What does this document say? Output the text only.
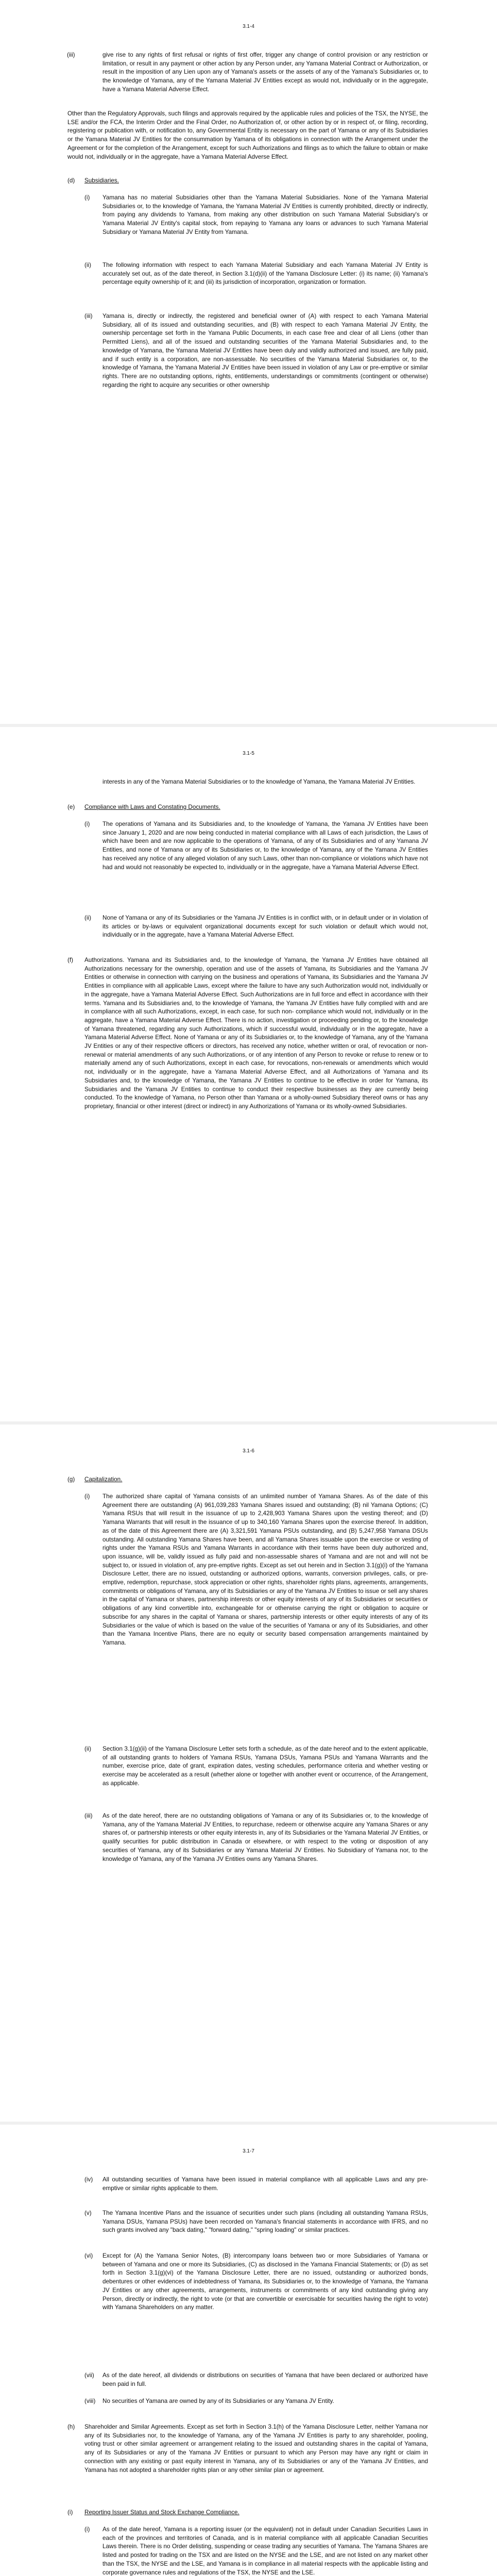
3.1-4
(iii)	give rise to any rights of first refusal or rights of first offer, trigger any change of control provision or any restriction or limitation, or result in any payment or other action by any Person under, any Yamana Material Contract or Authorization, or result in the imposition of any Lien upon any of Yamana's assets or the assets of any of the Yamana's Subsidiaries or, to the knowledge of Yamana, any of the Yamana Material JV Entities except as would not, individually or in the aggregate, have a Yamana Material Adverse Effect.

Other than the Regulatory Approvals, such filings and approvals required by the applicable rules and policies of the TSX, the NYSE, the LSE and/or the FCA, the Interim Order and the Final Order, no Authorization of, or other action by or in respect of, or filing, recording, registering or publication with, or notification to, any Governmental Entity is necessary on the part of Yamana or any of its Subsidiaries or the Yamana Material JV Entities for the consummation by Yamana of its obligations in connection with the Arrangement under the Agreement or for the completion of the Arrangement, except for such Authorizations and filings as to which the failure to obtain or make would not, individually or in the aggregate, have a Yamana Material Adverse Effect.

(d) Subsidiaries.
(i) Yamana has no material Subsidiaries other than the Yamana Material Subsidiaries. None of the Yamana Material Subsidiaries or, to the knowledge of Yamana, the Yamana Material JV Entities is currently prohibited, directly or indirectly, from paying any dividends to Yamana, from making any other distribution on such Yamana Material Subsidiary's or Yamana Material JV Entity's capital stock, from repaying to Yamana any loans or advances to such Yamana Material Subsidiary or Yamana Material JV Entity from Yamana.

(ii) The following information with respect to each Yamana Material Subsidiary and each Yamana Material JV Entity is accurately set out, as of the date thereof, in Section 3.1(d)(ii) of the Yamana Disclosure Letter: (i) its name; (ii) Yamana's percentage equity ownership of it; and (iii) its jurisdiction of incorporation, organization or formation.

(iii) Yamana is, directly or indirectly, the registered and beneficial owner of (A) with respect to each Yamana Material Subsidiary, all of its issued and outstanding securities, and (B) with respect to each Yamana Material JV Entity, the ownership percentage set forth in the Yamana Public Documents, in each case free and clear of all Liens (other than Permitted Liens), and all of the issued and outstanding securities of the Yamana Material Subsidiaries and, to the knowledge of Yamana, the Yamana Material JV Entities have been duly and validly authorized and issued, are fully paid, and if such entity is a corporation, are non-assessable. No securities of the Yamana Material Subsidiaries or, to the knowledge of Yamana, the Yamana Material JV Entities have been issued in violation of any Law or pre-emptive or similar rights. There are no outstanding options, rights, entitlements, understandings or commitments (contingent or otherwise) regarding the right to acquire any securities or other ownership

3.1-5

interests in any of the Yamana Material Subsidiaries or to the knowledge of Yamana, the Yamana Material JV Entities.

(e) Compliance with Laws and Constating Documents.
(i) The operations of Yamana and its Subsidiaries and, to the knowledge of Yamana, the Yamana JV Entities have been since January 1, 2020 and are now being conducted in material compliance with all Laws of each jurisdiction, the Laws of which have been and are now applicable to the operations of Yamana, of any of its Subsidiaries and of any Yamana JV Entities, and none of Yamana or any of its Subsidiaries or, to the knowledge of Yamana, any of the Yamana JV Entities has received any notice of any alleged violation of any such Laws, other than non-compliance or violations which have not had and would not reasonably be expected to, individually or in the aggregate, have a Yamana Material Adverse Effect.

(ii) None of Yamana or any of its Subsidiaries or the Yamana JV Entities is in conflict with, or in default under or in violation of its articles or by-laws or equivalent organizational documents except for such violation or default which would not, individually or in the aggregate, have a Yamana Material Adverse Effect.

(f) Authorizations. Yamana and its Subsidiaries and, to the knowledge of Yamana, the Yamana JV Entities have obtained all Authorizations necessary for the ownership, operation and use of the assets of Yamana, its Subsidiaries and the Yamana JV Entities or otherwise in connection with carrying on the business and operations of Yamana, its Subsidiaries and the Yamana JV Entities in compliance with all applicable Laws, except where the failure to have any such Authorization would not, individually or in the aggregate, have a Yamana Material Adverse Effect. Such Authorizations are in full force and effect in accordance with their terms. Yamana and its Subsidiaries and, to the knowledge of Yamana, the Yamana JV Entities have fully complied with and are in compliance with all such Authorizations, except, in each case, for such non- compliance which would not, individually or in the aggregate, have a Yamana Material Adverse Effect. There is no action, investigation or proceeding pending or, to the knowledge of Yamana threatened, regarding any such Authorizations, which if successful would, individually or in the aggregate, have a Yamana Material Adverse Effect. None of Yamana or any of its Subsidiaries or, to the knowledge of Yamana, any of the Yamana JV Entities or any of their respective officers or directors, has received any notice, whether written or oral, of revocation or non-renewal or material amendments of any such Authorizations, or of any intention of any Person to revoke or refuse to renew or to materially amend any of such Authorizations, except in each case, for revocations, non-renewals or amendments which would not, individually or in the aggregate, have a Yamana Material Adverse Effect, and all Authorizations of Yamana and its Subsidiaries and, to the knowledge of Yamana, the Yamana JV Entities to continue to be effective in order for Yamana, its Subsidiaries and the Yamana JV Entities to continue to conduct their respective businesses as they are currently being conducted. To the knowledge of Yamana, no Person other than Yamana or a wholly-owned Subsidiary thereof owns or has any proprietary, financial or other interest (direct or indirect) in any Authorizations of Yamana or its wholly-owned Subsidiaries.

3.1-6
(g) Capitalization.
(i) The authorized share capital of Yamana consists of an unlimited number of Yamana Shares. As of the date of this Agreement there are outstanding (A) 961,039,283 Yamana Shares issued and outstanding; (B) nil Yamana Options; (C) Yamana RSUs that will result in the issuance of up to 2,428,903 Yamana Shares upon the vesting thereof; and (D) Yamana Warrants that will result in the issuance of up to 340,160 Yamana Shares upon the exercise thereof. In addition, as of the date of this Agreement there are (A) 3,321,591 Yamana PSUs outstanding, and (B) 5,247,958 Yamana DSUs outstanding. All outstanding Yamana Shares have been, and all Yamana Shares issuable upon the exercise or vesting of rights under the Yamana RSUs and Yamana Warrants in accordance with their terms have been duly authorized and, upon issuance, will be, validly issued as fully paid and non-assessable shares of Yamana and are not and will not be subject to, or issued in violation of, any pre-emptive rights. Except as set out herein and in Section 3.1(g)(i) of the Yamana Disclosure Letter, there are no issued, outstanding or authorized options, warrants, conversion privileges, calls, or pre-emptive, redemption, repurchase, stock appreciation or other rights, shareholder rights plans, agreements, arrangements, commitments or obligations of Yamana, any of its Subsidiaries or any of the Yamana JV Entities to issue or sell any shares in the capital of Yamana or shares, partnership interests or other equity interests of any of its Subsidiaries or securities or obligations of any kind convertible into, exchangeable for or otherwise carrying the right or obligation to acquire or subscribe for any shares in the capital of Yamana or shares, partnership interests or other equity interests of any of its Subsidiaries or the value of which is based on the value of the securities of Yamana or any of its Subsidiaries, and other than the Yamana Incentive Plans, there are no equity or security based compensation arrangements maintained by Yamana.

(ii) Section 3.1(g)(ii) of the Yamana Disclosure Letter sets forth a schedule, as of the date hereof and to the extent applicable, of all outstanding grants to holders of Yamana RSUs, Yamana DSUs, Yamana PSUs and Yamana Warrants and the number, exercise price, date of grant, expiration dates, vesting schedules, performance criteria and whether vesting or exercise may be accelerated as a result (whether alone or together with another event or occurrence, of the Arrangement, as applicable.

(iii) As of the date hereof, there are no outstanding obligations of Yamana or any of its Subsidiaries or, to the knowledge of Yamana, any of the Yamana Material JV Entities, to repurchase, redeem or otherwise acquire any Yamana Shares or any shares of, or partnership interests or other equity interests in, any of its Subsidiaries or the Yamana Material JV Entities, or qualify securities for public distribution in Canada or elsewhere, or with respect to the voting or disposition of any securities of Yamana, any of its Subsidiaries or any Yamana Material JV Entities. No Subsidiary of Yamana nor, to the knowledge of Yamana, any of the Yamana JV Entities owns any Yamana Shares.

3.1-7
(iv) All outstanding securities of Yamana have been issued in material compliance with all applicable Laws and any pre-emptive or similar rights applicable to them.

(v) The Yamana Incentive Plans and the issuance of securities under such plans (including all outstanding Yamana RSUs, Yamana DSUs, Yamana PSUs) have been recorded on Yamana's financial statements in accordance with IFRS, and no such grants involved any "back dating," "forward dating," "spring loading" or similar practices.

(vi) Except for (A) the Yamana Senior Notes, (B) intercompany loans between two or more Subsidiaries of Yamana or between of Yamana and one or more its Subsidiaries, (C) as disclosed in the Yamana Financial Statements; or (D) as set forth in Section 3.1(g)(vi) of the Yamana Disclosure Letter, there are no issued, outstanding or authorized bonds, debentures or other evidences of indebtedness of Yamana, its Subsidiaries or, to the knowledge of Yamana, the Yamana JV Entities or any other agreements, arrangements, instruments or commitments of any kind outstanding giving any Person, directly or indirectly, the right to vote (or that are convertible or exercisable for securities having the right to vote) with Yamana Shareholders on any matter.

(vii) As of the date hereof, all dividends or distributions on securities of Yamana that have been declared or authorized have been paid in full.

(viii) No securities of Yamana are owned by any of its Subsidiaries or any Yamana JV Entity.

(h) Shareholder and Similar Agreements. Except as set forth in Section 3.1(h) of the Yamana Disclosure Letter, neither Yamana nor any of its Subsidiaries nor, to the knowledge of Yamana, any of the Yamana JV Entities is party to any shareholder, pooling, voting trust or other similar agreement or arrangement relating to the issued and outstanding shares in the capital of Yamana, any of its Subsidiaries or any of the Yamana JV Entities or pursuant to which any Person may have any right or claim in connection with any existing or past equity interest in Yamana, any of its Subsidiaries or any of the Yamana JV Entities, and Yamana has not adopted a shareholder rights plan or any other similar plan or agreement.

(i) Reporting Issuer Status and Stock Exchange Compliance.
(i) As of the date hereof, Yamana is a reporting issuer (or the equivalent) not in default under Canadian Securities Laws in each of the provinces and territories of Canada, and is in material compliance with all applicable Canadian Securities Laws therein. There is no Order delisting, suspending or cease trading any securities of Yamana. The Yamana Shares are listed and posted for trading on the TSX and are listed on the NYSE and the LSE, and are not listed on any market other than the TSX, the NYSE and the LSE, and Yamana is in compliance in all material respects with the applicable listing and corporate governance rules and regulations of the TSX, the NYSE and the LSE.
